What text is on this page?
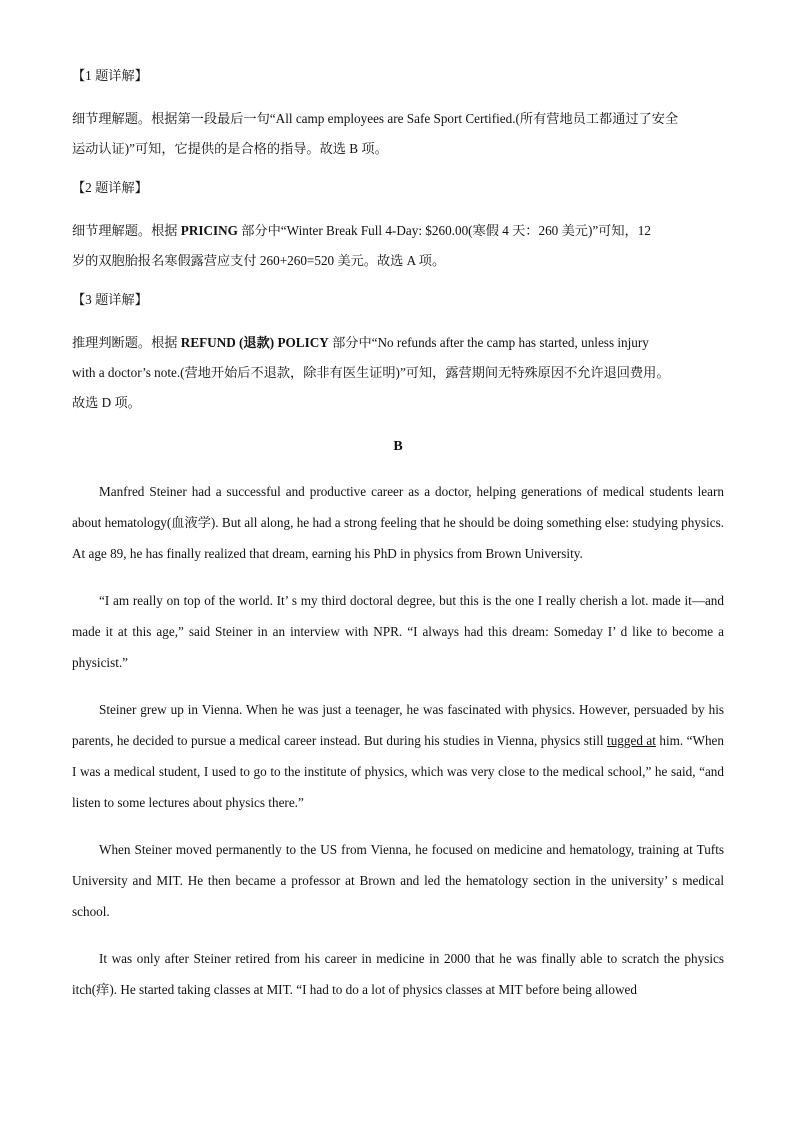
【1 题详解】

细节理解题。根据第一段最后一句“All camp employees are Safe Sport Certified.(所有营地员工都通过了安全
运动认证)”可知，它提供的是合格的指导。故选 B 项。

【2 题详解】

细节理解题。根据 PRICING 部分中“Winter Break Full 4-Day: $260.00(寒假 4 天：260 美元)”可知，12
岁的双胞胎报名寒假露营应支付 260+260=520 美元。故选 A 项。

【3 题详解】

推理判断题。根据 REFUND (退款) POLICY 部分中“No refunds after the camp has started, unless injury
with a doctor’s note.(营地开始后不退款，除非有医生证明)”可知，露营期间无特殊原因不允许退回费用。
故选 D 项。

B

Manfred Steiner had a successful and productive career as a doctor, helping generations of medical students learn about hematology(血液学). But all along, he had a strong feeling that he should be doing something else: studying physics. At age 89, he has finally realized that dream, earning his PhD in physics from Brown University.

“I am really on top of the world. It’ s my third doctoral degree, but this is the one I really cherish a lot. made it—and made it at this age,” said Steiner in an interview with NPR. “I always had this dream: Someday I’ d like to become a physicist.”

Steiner grew up in Vienna. When he was just a teenager, he was fascinated with physics. However, persuaded by his parents, he decided to pursue a medical career instead. But during his studies in Vienna, physics still tugged at him. “When I was a medical student, I used to go to the institute of physics, which was very close to the medical school,” he said, “and listen to some lectures about physics there.”

When Steiner moved permanently to the US from Vienna, he focused on medicine and hematology, training at Tufts University and MIT. He then became a professor at Brown and led the hematology section in the university’ s medical school.

It was only after Steiner retired from his career in medicine in 2000 that he was finally able to scratch the physics itch(痒). He started taking classes at MIT. “I had to do a lot of physics classes at MIT before being allowed
